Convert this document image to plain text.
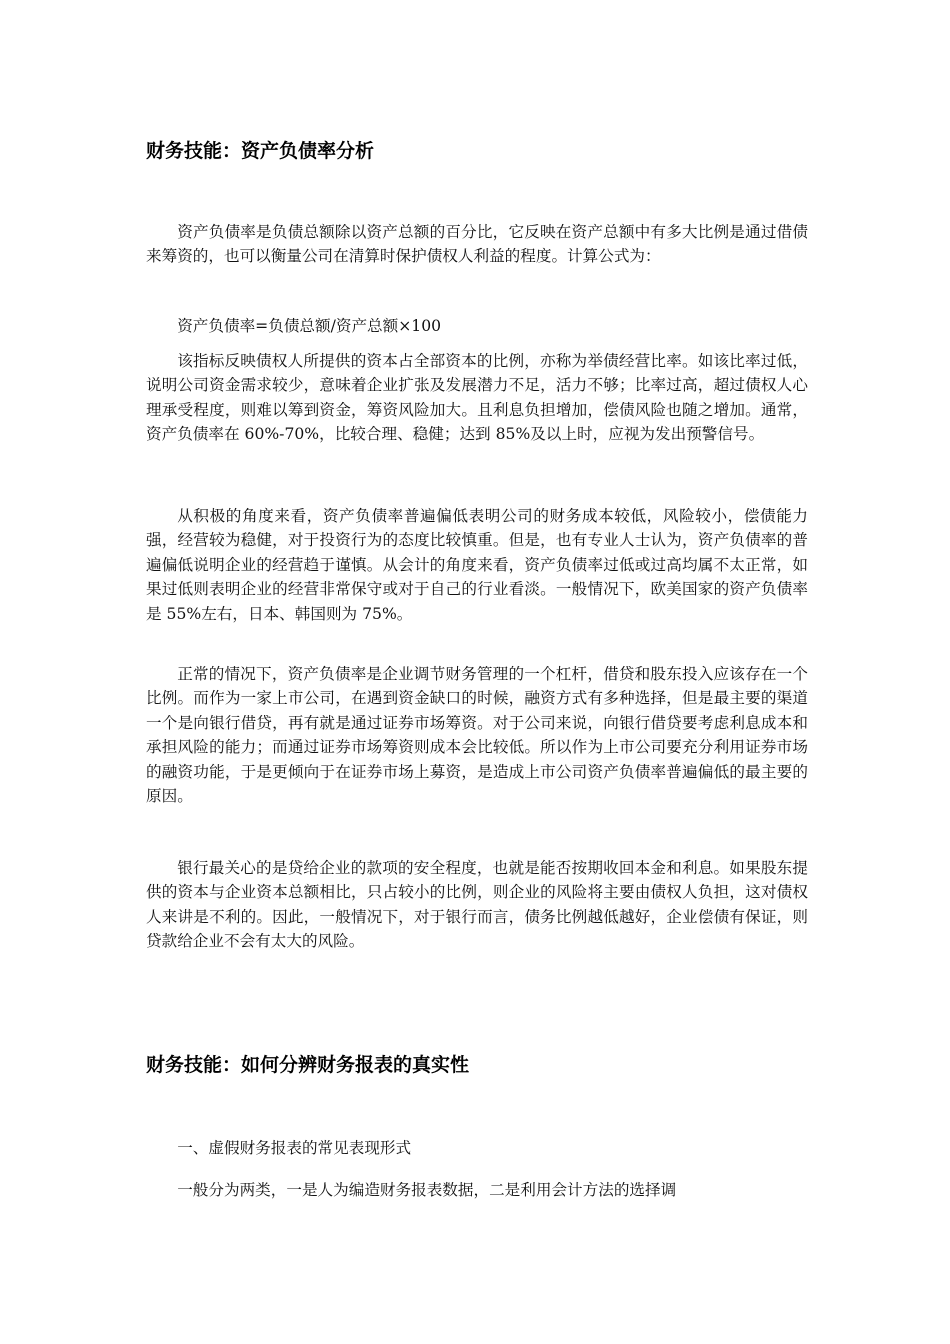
财务技能：资产负债率分析

资产负债率是负债总额除以资产总额的百分比，它反映在资产总额中有多大比例是通过借债来筹资的，也可以衡量公司在清算时保护债权人利益的程度。计算公式为：

资产负债率=负债总额/资产总额×100

该指标反映债权人所提供的资本占全部资本的比例，亦称为举债经营比率。如该比率过低，说明公司资金需求较少，意味着企业扩张及发展潜力不足，活力不够；比率过高，超过债权人心理承受程度，则难以筹到资金，筹资风险加大。且利息负担增加，偿债风险也随之增加。通常，资产负债率在 60%-70%，比较合理、稳健；达到 85%及以上时，应视为发出预警信号。

从积极的角度来看，资产负债率普遍偏低表明公司的财务成本较低，风险较小，偿债能力强，经营较为稳健，对于投资行为的态度比较慎重。但是，也有专业人士认为，资产负债率的普遍偏低说明企业的经营趋于谨慎。从会计的角度来看，资产负债率过低或过高均属不太正常，如果过低则表明企业的经营非常保守或对于自己的行业看淡。一般情况下，欧美国家的资产负债率是 55%左右，日本、韩国则为 75%。

正常的情况下，资产负债率是企业调节财务管理的一个杠杆，借贷和股东投入应该存在一个比例。而作为一家上市公司，在遇到资金缺口的时候，融资方式有多种选择，但是最主要的渠道一个是向银行借贷，再有就是通过证券市场筹资。对于公司来说，向银行借贷要考虑利息成本和承担风险的能力；而通过证券市场筹资则成本会比较低。所以作为上市公司要充分利用证券市场的融资功能，于是更倾向于在证券市场上募资，是造成上市公司资产负债率普遍偏低的最主要的原因。

银行最关心的是贷给企业的款项的安全程度，也就是能否按期收回本金和利息。如果股东提供的资本与企业资本总额相比，只占较小的比例，则企业的风险将主要由债权人负担，这对债权人来讲是不利的。因此，一般情况下，对于银行而言，债务比例越低越好，企业偿债有保证，则贷款给企业不会有太大的风险。

财务技能：如何分辨财务报表的真实性

一、虚假财务报表的常见表现形式

一般分为两类，一是人为编造财务报表数据，二是利用会计方法的选择调
